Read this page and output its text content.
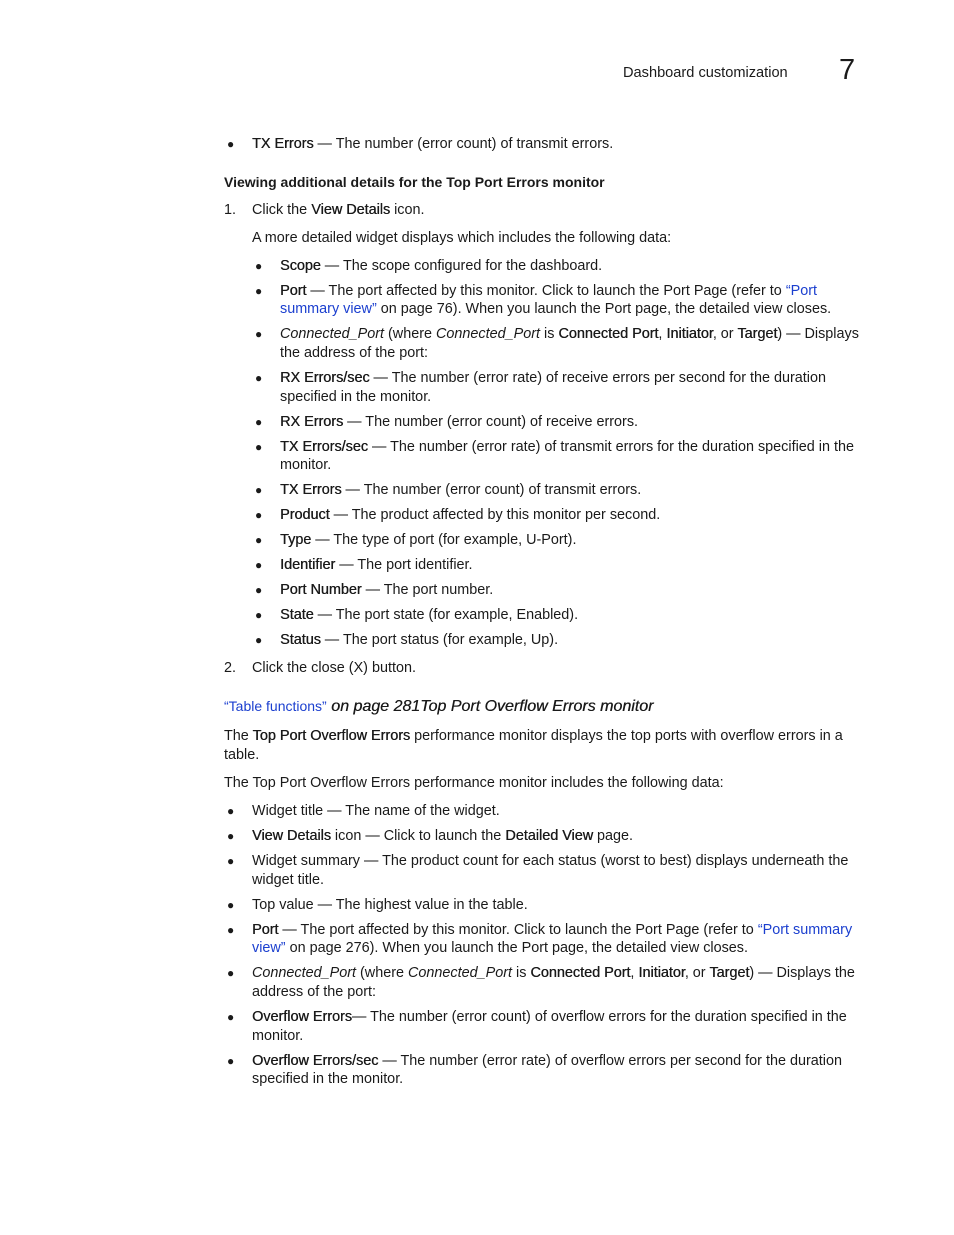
Dashboard customization 7
● TX Errors — The number (error count) of transmit errors.
Viewing additional details for the Top Port Errors monitor
1. Click the View Details icon.
A more detailed widget displays which includes the following data:
● Scope — The scope configured for the dashboard.
● Port — The port affected by this monitor. Click to launch the Port Page (refer to “Port
summary view” on page 76). When you launch the Port page, the detailed view closes.
● Connected_Port (where Connected_Port is Connected Port, Initiator, or Target) — Displays
the address of the port:
● RX Errors/sec — The number (error rate) of receive errors per second for the duration
specified in the monitor.
● RX Errors — The number (error count) of receive errors.
● TX Errors/sec — The number (error rate) of transmit errors for the duration specified in the
monitor.
● TX Errors — The number (error count) of transmit errors.
● Product — The product affected by this monitor per second.
● Type — The type of port (for example, U-Port).
● Identifier — The port identifier.
● Port Number — The port number.
● State — The port state (for example, Enabled).
● Status — The port status (for example, Up).
2. Click the close (X) button.
“Table functions” on page 281Top Port Overflow Errors monitor
The Top Port Overflow Errors performance monitor displays the top ports with overflow errors in a
table.
The Top Port Overflow Errors performance monitor includes the following data:
● Widget title — The name of the widget.
● View Details icon — Click to launch the Detailed View page.
● Widget summary — The product count for each status (worst to best) displays underneath the
widget title.
● Top value — The highest value in the table.
● Port — The port affected by this monitor. Click to launch the Port Page (refer to “Port summary
view” on page 276). When you launch the Port page, the detailed view closes.
● Connected_Port (where Connected_Port is Connected Port, Initiator, or Target) — Displays the
address of the port:
● Overflow Errors— The number (error count) of overflow errors for the duration specified in the
monitor.
● Overflow Errors/sec — The number (error rate) of overflow errors per second for the duration
specified in the monitor.
